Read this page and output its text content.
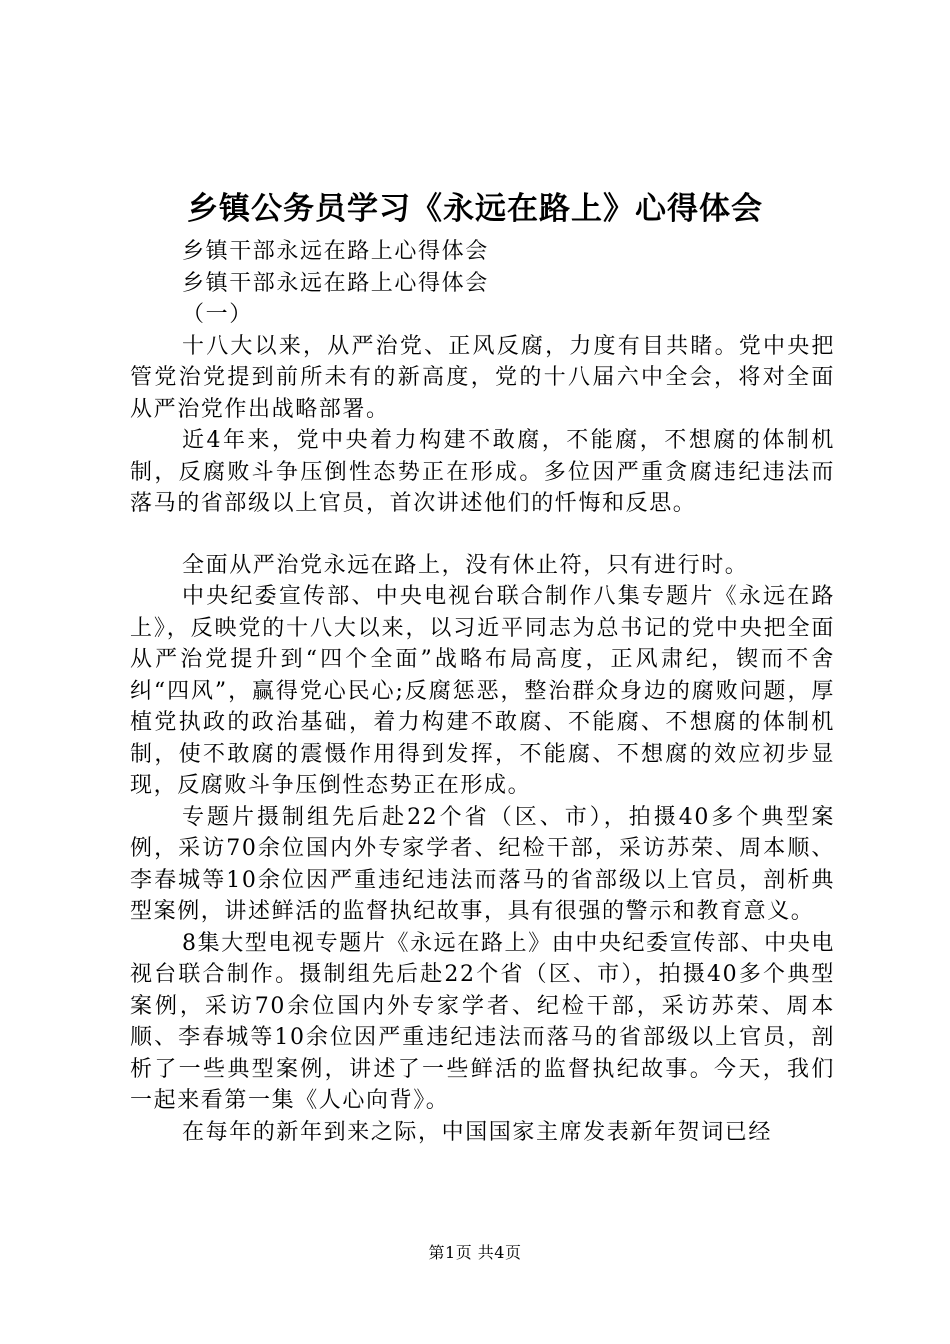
乡镇公务员学习《永远在路上》心得体会

乡镇干部永远在路上心得体会

乡镇干部永远在路上心得体会

（一）

十八大以来，从严治党、正风反腐，力度有目共睹。党中央把管党治党提到前所未有的新高度，党的十八届六中全会，将对全面从严治党作出战略部署。

近4年来，党中央着力构建不敢腐，不能腐，不想腐的体制机制，反腐败斗争压倒性态势正在形成。多位因严重贪腐违纪违法而落马的省部级以上官员，首次讲述他们的忏悔和反思。

全面从严治党永远在路上，没有休止符，只有进行时。

中央纪委宣传部、中央电视台联合制作八集专题片《永远在路上》，反映党的十八大以来，以习近平同志为总书记的党中央把全面从严治党提升到“四个全面”战略布局高度，正风肃纪，锲而不舍纠“四风”，赢得党心民心;反腐惩恶，整治群众身边的腐败问题，厚植党执政的政治基础，着力构建不敢腐、不能腐、不想腐的体制机制，使不敢腐的震慑作用得到发挥，不能腐、不想腐的效应初步显现，反腐败斗争压倒性态势正在形成。

专题片摄制组先后赴22个省（区、市），拍摄40多个典型案例，采访70余位国内外专家学者、纪检干部，采访苏荣、周本顺、李春城等10余位因严重违纪违法而落马的省部级以上官员，剖析典型案例，讲述鲜活的监督执纪故事，具有很强的警示和教育意义。

8集大型电视专题片《永远在路上》由中央纪委宣传部、中央电视台联合制作。摄制组先后赴22个省（区、市），拍摄40多个典型案例，采访70余位国内外专家学者、纪检干部，采访苏荣、周本顺、李春城等10余位因严重违纪违法而落马的省部级以上官员，剖析了一些典型案例，讲述了一些鲜活的监督执纪故事。今天，我们一起来看第一集《人心向背》。

在每年的新年到来之际，中国国家主席发表新年贺词已经

第1页 共4页
